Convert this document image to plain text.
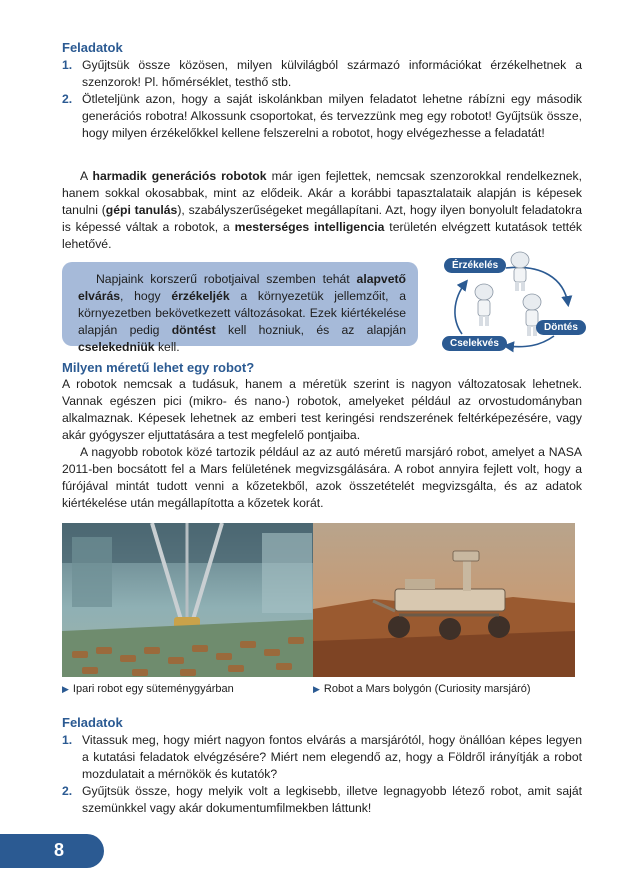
Feladatok
1. Gyűjtsük össze közösen, milyen külvilágból származó információkat érzékelhetnek a szenzorok! Pl. hőmérséklet, testhő stb.
2. Ötleteljünk azon, hogy a saját iskolánkban milyen feladatot lehetne rábízni egy második generációs robotra! Alkossunk csoportokat, és tervezzünk meg egy robotot! Gyűjtsük össze, hogy milyen érzékelőkkel kellene felszerelni a robotot, hogy elvégezhesse a feladatát!

A harmadik generációs robotok már igen fejlettek, nemcsak szenzorokkal rendelkeznek, hanem sokkal okosabbak, mint az elődeik. Akár a korábbi tapasztalataik alapján is képesek tanulni (gépi tanulás), szabályszerűségeket megállapítani. Azt, hogy ilyen bonyolult feladatokra is képessé váltak a robotok, a mesterséges intelligencia területén elvégzett kutatások tették lehetővé.

Napjaink korszerű robotjaival szemben tehát alapvető elvárás, hogy érzékeljék a környezetük jellemzőit, a környezetben bekövetkezett változásokat. Ezek kiértékelése alapján pedig döntést kell hozniuk, és az alapján cselekedniük kell.

Érzékelés
Döntés
Cselekvés
Milyen méretű lehet egy robot?

A robotok nemcsak a tudásuk, hanem a méretük szerint is nagyon változatosak lehetnek. Vannak egészen pici (mikro- és nano-) robotok, amelyeket például az orvostudományban alkalmaznak. Képesek lehetnek az emberi test keringési rendszerének feltérképezésére, vagy akár gyógyszer eljuttatására a test megfelelő pontjaiba.

A nagyobb robotok közé tartozik például az az autó méretű marsjáró robot, amelyet a NASA 2011-ben bocsátott fel a Mars felületének megvizsgálására. A robot annyira fejlett volt, hogy a fúrójával mintát tudott venni a kőzetekből, azok összetételét megvizsgálta, és az adatok kiértékelése után megállapította a kőzetek korát.

▶ Ipari robot egy süteménygyárban	▶ Robot a Mars bolygón (Curiosity marsjáró)
Feladatok
1. Vitassuk meg, hogy miért nagyon fontos elvárás a marsjárótól, hogy önállóan képes legyen a kutatási feladatok elvégzésére? Miért nem elegendő az, hogy a Földről irányítják a robot mozdulatait a mérnökök és kutatók?
2. Gyűjtsük össze, hogy melyik volt a legkisebb, illetve legnagyobb létező robot, amit saját szemünkkel vagy akár dokumentumfilmekben láttunk!
8
